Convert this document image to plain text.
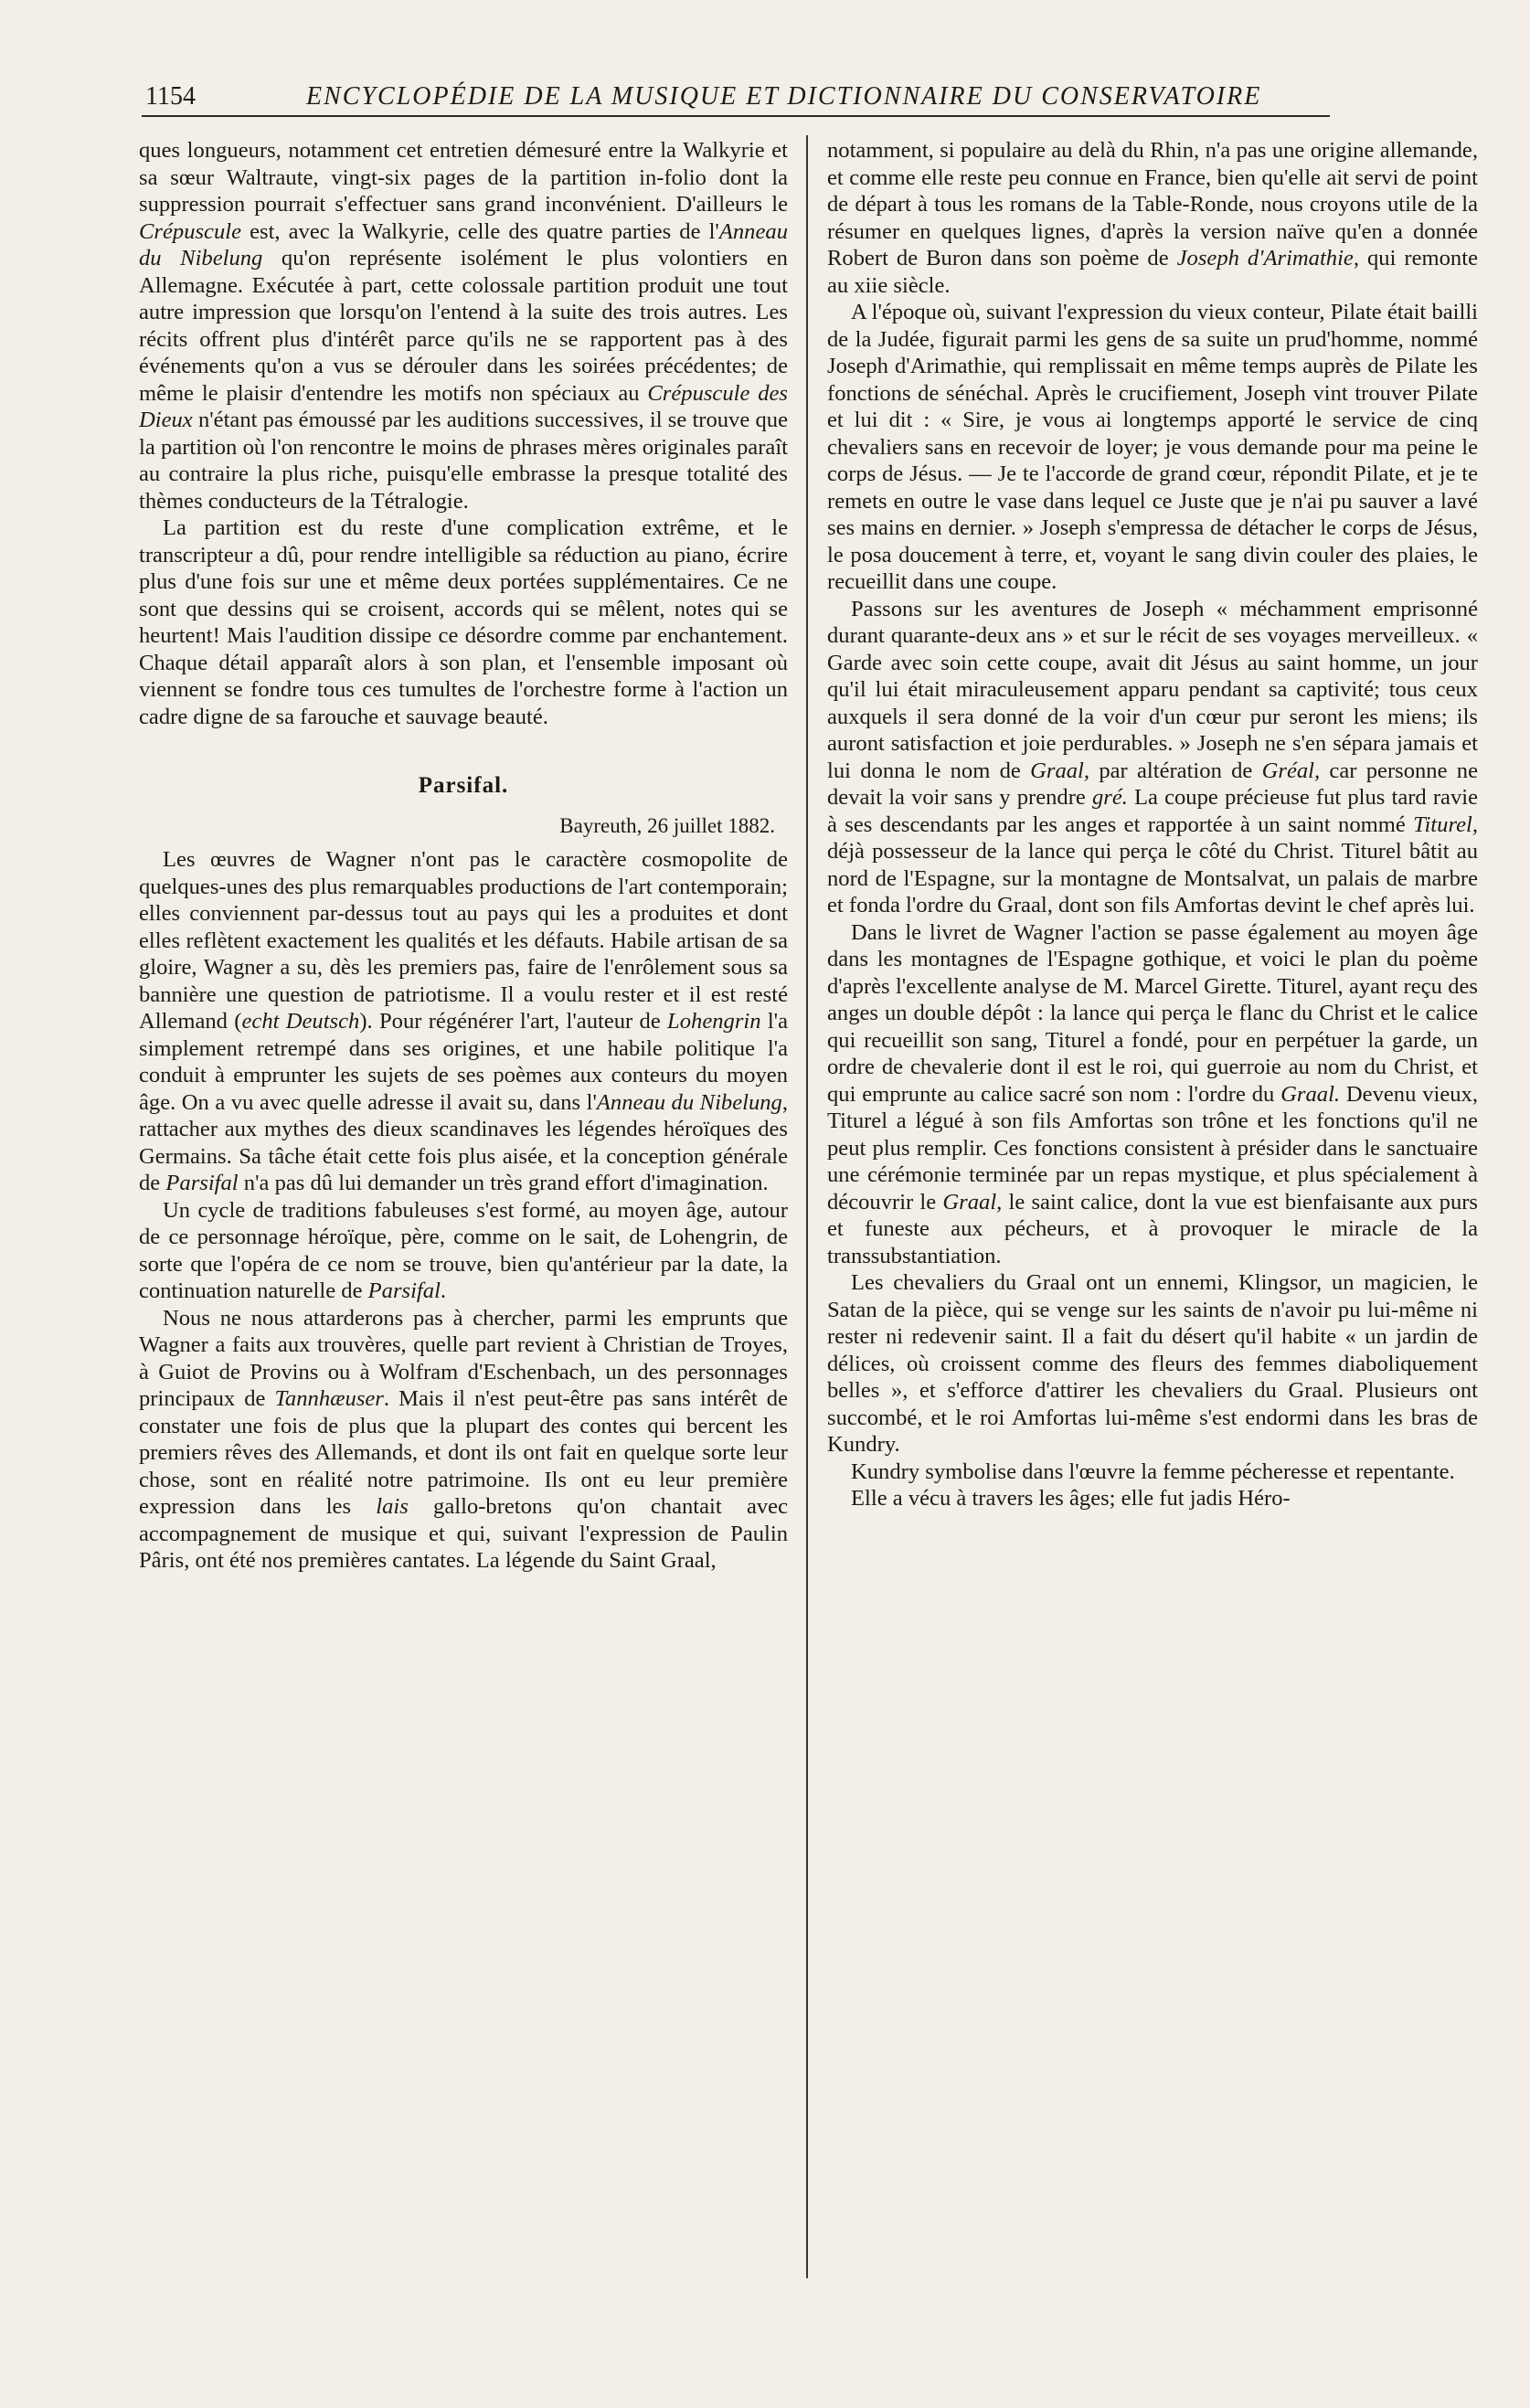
1154	ENCYCLOPÉDIE DE LA MUSIQUE ET DICTIONNAIRE DU CONSERVATOIRE

ques longueurs, notamment cet entretien démesuré entre la Walkyrie et sa sœur Waltraute, vingt-six pages de la partition in-folio dont la suppression pourrait s'effectuer sans grand inconvénient. D'ailleurs le Crépuscule est, avec la Walkyrie, celle des quatre parties de l'Anneau du Nibelung qu'on représente isolément le plus volontiers en Allemagne. Exécutée à part, cette colossale partition produit une tout autre impression que lorsqu'on l'entend à la suite des trois autres. Les récits offrent plus d'intérêt parce qu'ils ne se rapportent pas à des événements qu'on a vus se dérouler dans les soirées précédentes; de même le plaisir d'entendre les motifs non spéciaux au Crépuscule des Dieux n'étant pas émoussé par les auditions successives, il se trouve que la partition où l'on rencontre le moins de phrases mères originales paraît au contraire la plus riche, puisqu'elle embrasse la presque totalité des thèmes conducteurs de la Tétralogie.

La partition est du reste d'une complication extrême, et le transcripteur a dû, pour rendre intelligible sa réduction au piano, écrire plus d'une fois sur une et même deux portées supplémentaires. Ce ne sont que dessins qui se croisent, accords qui se mêlent, notes qui se heurtent! Mais l'audition dissipe ce désordre comme par enchantement. Chaque détail apparaît alors à son plan, et l'ensemble imposant où viennent se fondre tous ces tumultes de l'orchestre forme à l'action un cadre digne de sa farouche et sauvage beauté.

Parsifal.

Bayreuth, 26 juillet 1882.

Les œuvres de Wagner n'ont pas le caractère cosmopolite de quelques-unes des plus remarquables productions de l'art contemporain; elles conviennent par-dessus tout au pays qui les a produites et dont elles reflètent exactement les qualités et les défauts. Habile artisan de sa gloire, Wagner a su, dès les premiers pas, faire de l'enrôlement sous sa bannière une question de patriotisme. Il a voulu rester et il est resté Allemand (echt Deutsch). Pour régénérer l'art, l'auteur de Lohengrin l'a simplement retrempé dans ses origines, et une habile politique l'a conduit à emprunter les sujets de ses poèmes aux conteurs du moyen âge. On a vu avec quelle adresse il avait su, dans l'Anneau du Nibelung, rattacher aux mythes des dieux scandinaves les légendes héroïques des Germains. Sa tâche était cette fois plus aisée, et la conception générale de Parsifal n'a pas dû lui demander un très grand effort d'imagination.

Un cycle de traditions fabuleuses s'est formé, au moyen âge, autour de ce personnage héroïque, père, comme on le sait, de Lohengrin, de sorte que l'opéra de ce nom se trouve, bien qu'antérieur par la date, la continuation naturelle de Parsifal.

Nous ne nous attarderons pas à chercher, parmi les emprunts que Wagner a faits aux trouvères, quelle part revient à Christian de Troyes, à Guiot de Provins ou à Wolfram d'Eschenbach, un des personnages principaux de Tannhæuser. Mais il n'est peut-être pas sans intérêt de constater une fois de plus que la plupart des contes qui bercent les premiers rêves des Allemands, et dont ils ont fait en quelque sorte leur chose, sont en réalité notre patrimoine. Ils ont eu leur première expression dans les lais gallo-bretons qu'on chantait avec accompagnement de musique et qui, suivant l'expression de Paulin Pâris, ont été nos premières cantates. La légende du Saint Graal,

notamment, si populaire au delà du Rhin, n'a pas une origine allemande, et comme elle reste peu connue en France, bien qu'elle ait servi de point de départ à tous les romans de la Table-Ronde, nous croyons utile de la résumer en quelques lignes, d'après la version naïve qu'en a donnée Robert de Buron dans son poème de Joseph d'Arimathie, qui remonte au xiie siècle.

A l'époque où, suivant l'expression du vieux conteur, Pilate était bailli de la Judée, figurait parmi les gens de sa suite un prud'homme, nommé Joseph d'Arimathie, qui remplissait en même temps auprès de Pilate les fonctions de sénéchal. Après le crucifiement, Joseph vint trouver Pilate et lui dit : « Sire, je vous ai longtemps apporté le service de cinq chevaliers sans en recevoir de loyer; je vous demande pour ma peine le corps de Jésus. — Je te l'accorde de grand cœur, répondit Pilate, et je te remets en outre le vase dans lequel ce Juste que je n'ai pu sauver a lavé ses mains en dernier. » Joseph s'empressa de détacher le corps de Jésus, le posa doucement à terre, et, voyant le sang divin couler des plaies, le recueillit dans une coupe.

Passons sur les aventures de Joseph « méchamment emprisonné durant quarante-deux ans » et sur le récit de ses voyages merveilleux. « Garde avec soin cette coupe, avait dit Jésus au saint homme, un jour qu'il lui était miraculeusement apparu pendant sa captivité; tous ceux auxquels il sera donné de la voir d'un cœur pur seront les miens; ils auront satisfaction et joie perdurables. » Joseph ne s'en sépara jamais et lui donna le nom de Graal, par altération de Gréal, car personne ne devait la voir sans y prendre gré. La coupe précieuse fut plus tard ravie à ses descendants par les anges et rapportée à un saint nommé Titurel, déjà possesseur de la lance qui perça le côté du Christ. Titurel bâtit au nord de l'Espagne, sur la montagne de Montsalvat, un palais de marbre et fonda l'ordre du Graal, dont son fils Amfortas devint le chef après lui.

Dans le livret de Wagner l'action se passe également au moyen âge dans les montagnes de l'Espagne gothique, et voici le plan du poème d'après l'excellente analyse de M. Marcel Girette. Titurel, ayant reçu des anges un double dépôt : la lance qui perça le flanc du Christ et le calice qui recueillit son sang, Titurel a fondé, pour en perpétuer la garde, un ordre de chevalerie dont il est le roi, qui guerroie au nom du Christ, et qui emprunte au calice sacré son nom : l'ordre du Graal. Devenu vieux, Titurel a légué à son fils Amfortas son trône et les fonctions qu'il ne peut plus remplir. Ces fonctions consistent à présider dans le sanctuaire une cérémonie terminée par un repas mystique, et plus spécialement à découvrir le Graal, le saint calice, dont la vue est bienfaisante aux purs et funeste aux pécheurs, et à provoquer le miracle de la transsubstantiation.

Les chevaliers du Graal ont un ennemi, Klingsor, un magicien, le Satan de la pièce, qui se venge sur les saints de n'avoir pu lui-même ni rester ni redevenir saint. Il a fait du désert qu'il habite « un jardin de délices, où croissent comme des fleurs des femmes diaboliquement belles », et s'efforce d'attirer les chevaliers du Graal. Plusieurs ont succombé, et le roi Amfortas lui-même s'est endormi dans les bras de Kundry.

Kundry symbolise dans l'œuvre la femme pécheresse et repentante.

Elle a vécu à travers les âges; elle fut jadis Héro-
